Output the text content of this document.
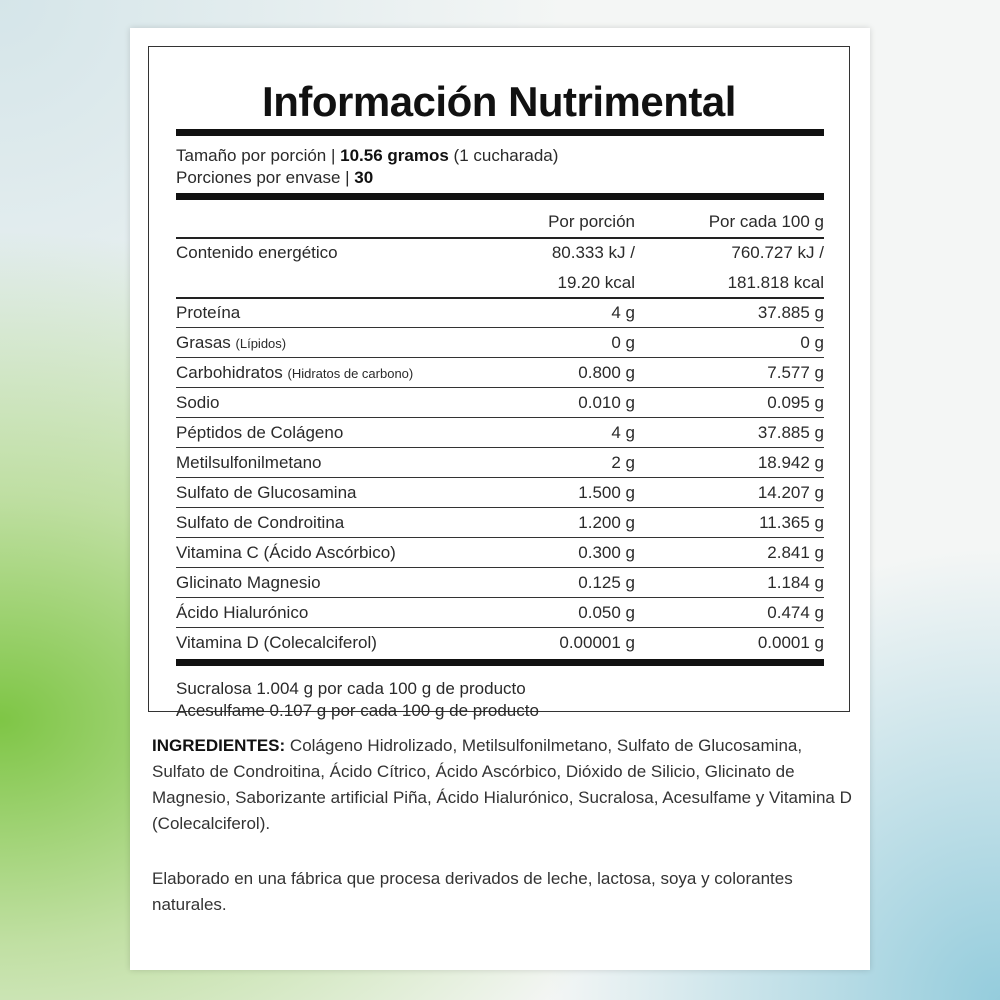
Información Nutrimental
Tamaño por porción | 10.56 gramos (1 cucharada)
Porciones por envase | 30
Por porción	Por cada 100 g
Contenido energético	80.333 kJ /	760.727 kJ /
19.20 kcal	181.818 kcal
Proteína	4 g	37.885 g
Grasas (Lípidos)	0 g	0 g
Carbohidratos (Hidratos de carbono)	0.800 g	7.577 g
Sodio	0.010 g	0.095 g
Péptidos de Colágeno	4 g	37.885 g
Metilsulfonilmetano	2 g	18.942 g
Sulfato de Glucosamina	1.500 g	14.207 g
Sulfato de Condroitina	1.200 g	11.365 g
Vitamina C (Ácido Ascórbico)	0.300 g	2.841 g
Glicinato Magnesio	0.125 g	1.184 g
Ácido Hialurónico	0.050 g	0.474 g
Vitamina D (Colecalciferol)	0.00001 g	0.0001 g
Sucralosa 1.004 g por cada 100 g de producto
Acesulfame 0.107 g por cada 100 g de producto
INGREDIENTES: Colágeno Hidrolizado, Metilsulfonilmetano, Sulfato de Glucosamina, Sulfato de Condroitina, Ácido Cítrico, Ácido Ascórbico, Dióxido de Silicio, Glicinato de Magnesio, Saborizante artificial Piña, Ácido Hialurónico, Sucralosa, Acesulfame y Vitamina D (Colecalciferol).
Elaborado en una fábrica que procesa derivados de leche, lactosa, soya y colorantes naturales.
